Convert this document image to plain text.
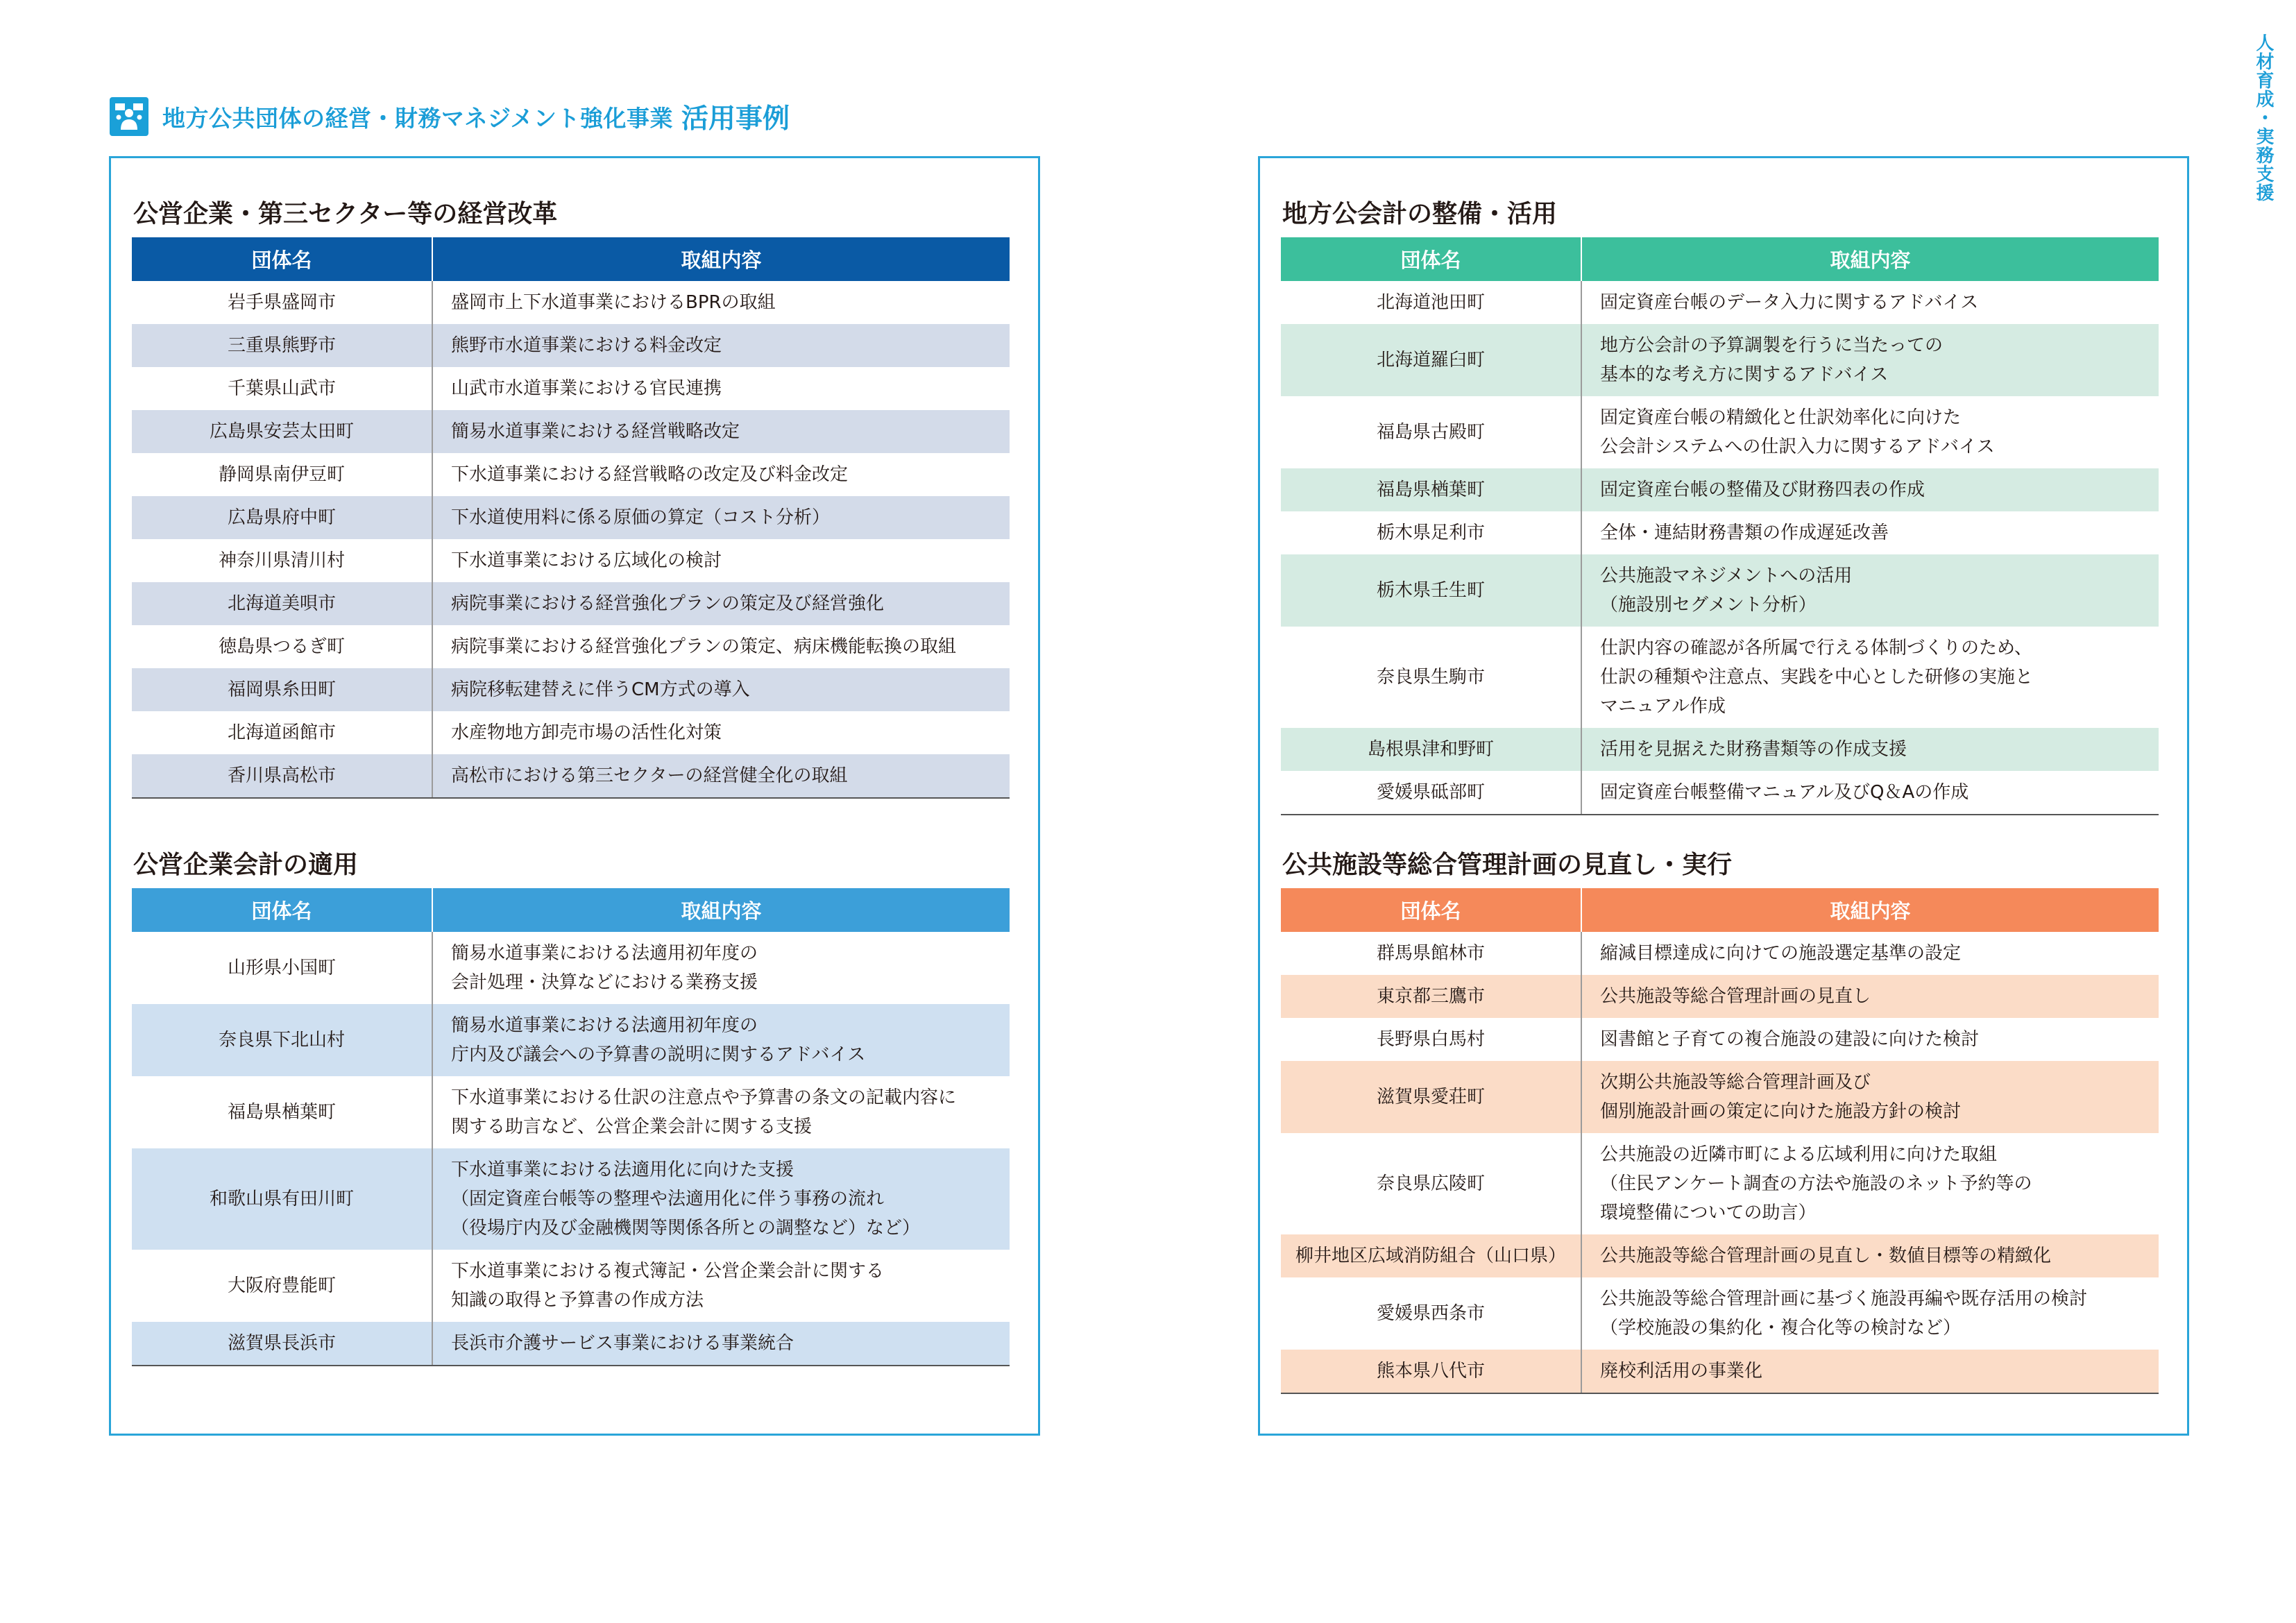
地方公共団体の経営・財務マネジメント強化事業 活用事例	人材育成・実務支援
公営企業・第三セクター等の経営改革
団体名	取組内容
岩手県盛岡市	盛岡市上下水道事業におけるBPRの取組

三重県熊野市	熊野市水道事業における料金改定

千葉県山武市	山武市水道事業における官民連携

広島県安芸太田町	簡易水道事業における経営戦略改定

静岡県南伊豆町	下水道事業における経営戦略の改定及び料金改定

広島県府中町	下水道使用料に係る原価の算定（コスト分析）

神奈川県清川村	下水道事業における広域化の検討

北海道美唄市	病院事業における経営強化プランの策定及び経営強化

徳島県つるぎ町	病院事業における経営強化プランの策定、病床機能転換の取組

福岡県糸田町	病院移転建替えに伴うCM方式の導入

北海道函館市	水産物地方卸売市場の活性化対策

香川県高松市	高松市における第三セクターの経営健全化の取組
公営企業会計の適用
団体名	取組内容
山形県小国町	簡易水道事業における法適用初年度の
会計処理・決算などにおける業務支援

奈良県下北山村	簡易水道事業における法適用初年度の
庁内及び議会への予算書の説明に関するアドバイス

福島県楢葉町	下水道事業における仕訳の注意点や予算書の条文の記載内容に
関する助言など、公営企業会計に関する支援

和歌山県有田川町	下水道事業における法適用化に向けた支援
（固定資産台帳等の整理や法適用化に伴う事務の流れ
（役場庁内及び金融機関等関係各所との調整など）など）

大阪府豊能町	下水道事業における複式簿記・公営企業会計に関する
知識の取得と予算書の作成方法

滋賀県長浜市	長浜市介護サービス事業における事業統合
地方公会計の整備・活用
団体名	取組内容
北海道池田町	固定資産台帳のデータ入力に関するアドバイス

北海道羅臼町	地方公会計の予算調製を行うに当たっての
基本的な考え方に関するアドバイス

福島県古殿町	固定資産台帳の精緻化と仕訳効率化に向けた
公会計システムへの仕訳入力に関するアドバイス

福島県楢葉町	固定資産台帳の整備及び財務四表の作成

栃木県足利市	全体・連結財務書類の作成遅延改善

栃木県壬生町	公共施設マネジメントへの活用
（施設別セグメント分析）

奈良県生駒市	仕訳内容の確認が各所属で行える体制づくりのため、
仕訳の種類や注意点、実践を中心とした研修の実施と
マニュアル作成

島根県津和野町	活用を見据えた財務書類等の作成支援

愛媛県砥部町	固定資産台帳整備マニュアル及びQ＆Aの作成
公共施設等総合管理計画の見直し・実行
団体名	取組内容
群馬県館林市	縮減目標達成に向けての施設選定基準の設定

東京都三鷹市	公共施設等総合管理計画の見直し

長野県白馬村	図書館と子育ての複合施設の建設に向けた検討

滋賀県愛荘町	次期公共施設等総合管理計画及び
個別施設計画の策定に向けた施設方針の検討

奈良県広陵町	公共施設の近隣市町による広域利用に向けた取組
（住民アンケート調査の方法や施設のネット予約等の
環境整備についての助言）

柳井地区広域消防組合（山口県）	公共施設等総合管理計画の見直し・数値目標等の精緻化

愛媛県西条市	公共施設等総合管理計画に基づく施設再編や既存活用の検討
（学校施設の集約化・複合化等の検討など）

熊本県八代市	廃校利活用の事業化
